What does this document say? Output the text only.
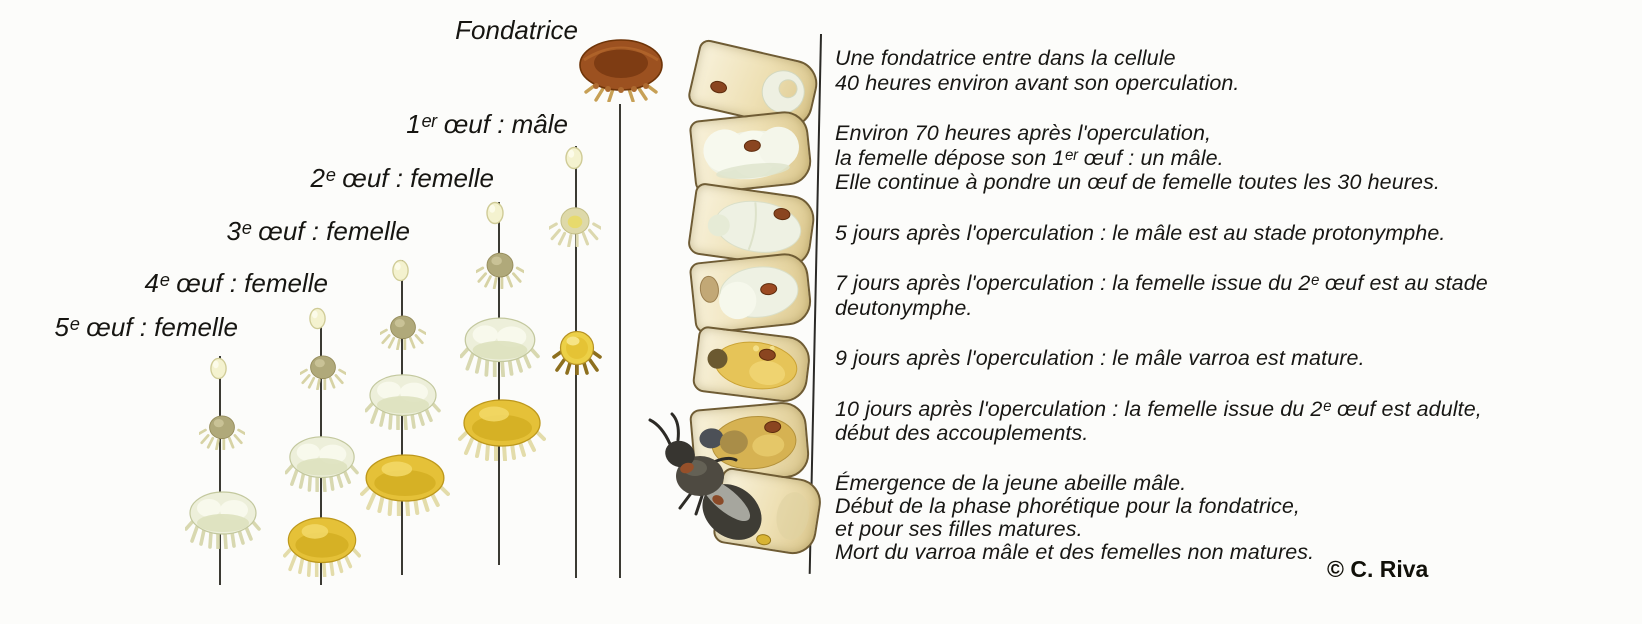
5ᵉ œuf : femelle
4ᵉ œuf : femelle
3ᵉ œuf : femelle
2ᵉ œuf : femelle
1ᵉʳ œuf : mâle
Fondatrice
Une fondatrice entre dans la cellule
40 heures environ avant son operculation.
Environ 70 heures après l'operculation,
la femelle dépose son 1ᵉʳ œuf : un mâle.
Elle continue à pondre un œuf de femelle toutes les 30 heures.
5 jours après l'operculation : le mâle est au stade protonymphe.
7 jours après l'operculation : la femelle issue du 2ᵉ œuf est au stade
deutonymphe.
9 jours après l'operculation : le mâle varroa est mature.
10 jours après l'operculation : la femelle issue du 2ᵉ œuf est adulte,
début des accouplements.
Émergence de la jeune abeille mâle.
Début de la phase phorétique pour la fondatrice,
et pour ses filles matures.
Mort du varroa mâle et des femelles non matures.
© C. Riva
